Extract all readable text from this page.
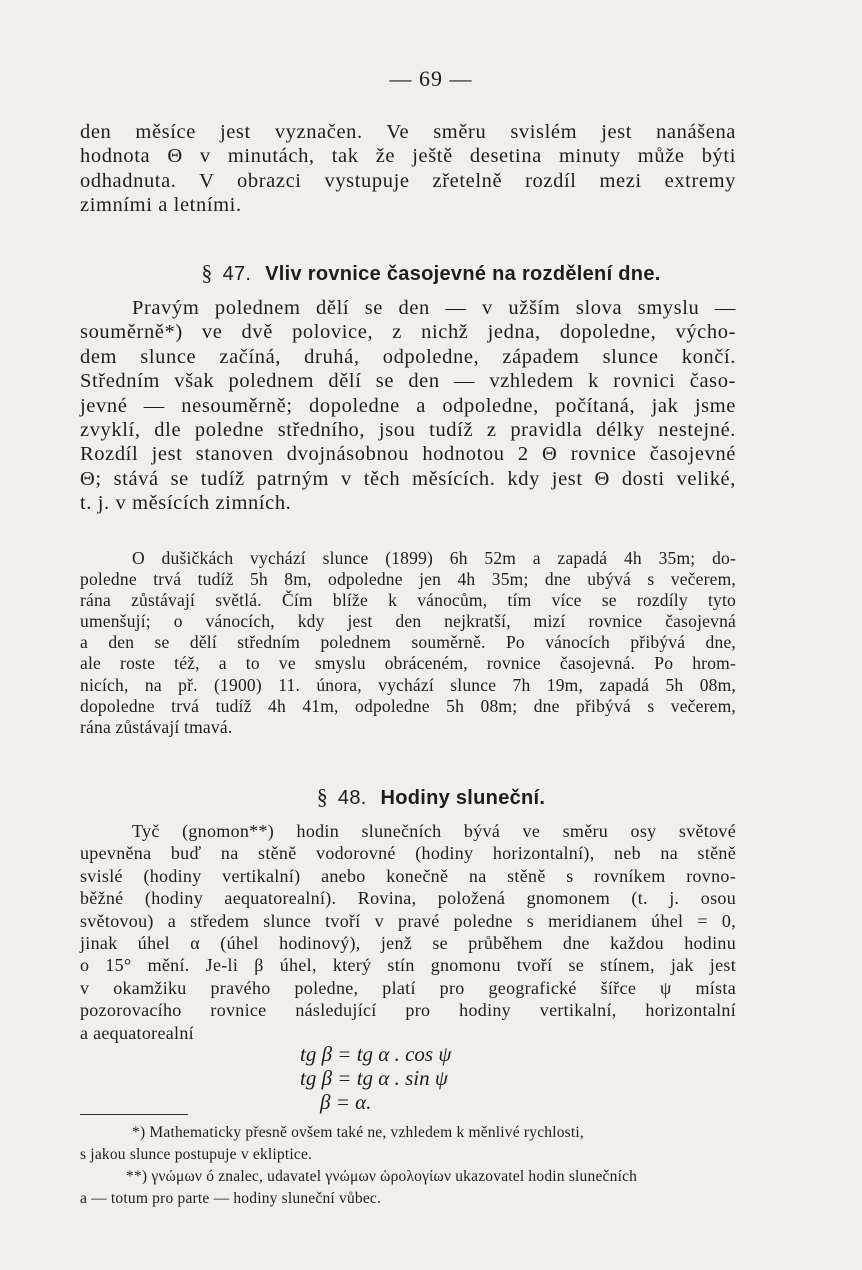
— 69 —
den měsíce jest vyznačen. Ve směru svislém jest nanášena
hodnota Θ v minutách, tak že ještě desetina minuty může býti
odhadnuta. V obrazci vystupuje zřetelně rozdíl mezi extremy
zimními a letními.
§ 47. Vliv rovnice časojevné na rozdělení dne.
Pravým polednem dělí se den — v užším slova smyslu —
souměrně*) ve dvě polovice, z nichž jedna, dopoledne, výcho-
dem slunce začíná, druhá, odpoledne, západem slunce končí.
Středním však polednem dělí se den — vzhledem k rovnici časo-
jevné — nesouměrně; dopoledne a odpoledne, počítaná, jak jsme
zvyklí, dle poledne středního, jsou tudíž z pravidla délky nestejné.
Rozdíl jest stanoven dvojnásobnou hodnotou 2 Θ rovnice časojevné
Θ; stává se tudíž patrným v těch měsících. kdy jest Θ dosti veliké,
t. j. v měsících zimních.
O dušičkách vychází slunce (1899) 6h 52m a zapadá 4h 35m; do-
poledne trvá tudíž 5h 8m, odpoledne jen 4h 35m; dne ubývá s večerem,
rána zůstávají světlá. Čím blíže k vánocům, tím více se rozdíly tyto
umenšují; o vánocích, kdy jest den nejkratší, mizí rovnice časojevná
a den se dělí středním polednem souměrně. Po vánocích přibývá dne,
ale roste též, a to ve smyslu obráceném, rovnice časojevná. Po hrom-
nicích, na př. (1900) 11. února, vychází slunce 7h 19m, zapadá 5h 08m,
dopoledne trvá tudíž 4h 41m, odpoledne 5h 08m; dne přibývá s večerem,
rána zůstávají tmavá.
§ 48. Hodiny sluneční.
Tyč (gnomon**) hodin slunečních bývá ve směru osy světové
upevněna buď na stěně vodorovné (hodiny horizontalní), neb na stěně
svislé (hodiny vertikalní) anebo konečně na stěně s rovníkem rovno-
běžné (hodiny aequatorealní). Rovina, položená gnomonem (t. j. osou
světovou) a středem slunce tvoří v pravé poledne s meridianem úhel = 0,
jinak úhel α (úhel hodinový), jenž se průběhem dne každou hodinu
o 15° mění. Je-li β úhel, který stín gnomonu tvoří se stínem, jak jest
v okamžiku pravého poledne, platí pro geografické šířce ψ místa
pozorovacího rovnice následující pro hodiny vertikalní, horizontalní
a aequatorealní
tg β = tg α . cos ψ
tg β = tg α . sin ψ
β = α.
*) Mathematicky přesně ovšem také ne, vzhledem k měnlivé rychlosti,
s jakou slunce postupuje v ekliptice.
**) γνώμων ó znalec, udavatel γνώμων ὡρολογίων ukazovatel hodin slunečních
a — totum pro parte — hodiny sluneční vůbec.
